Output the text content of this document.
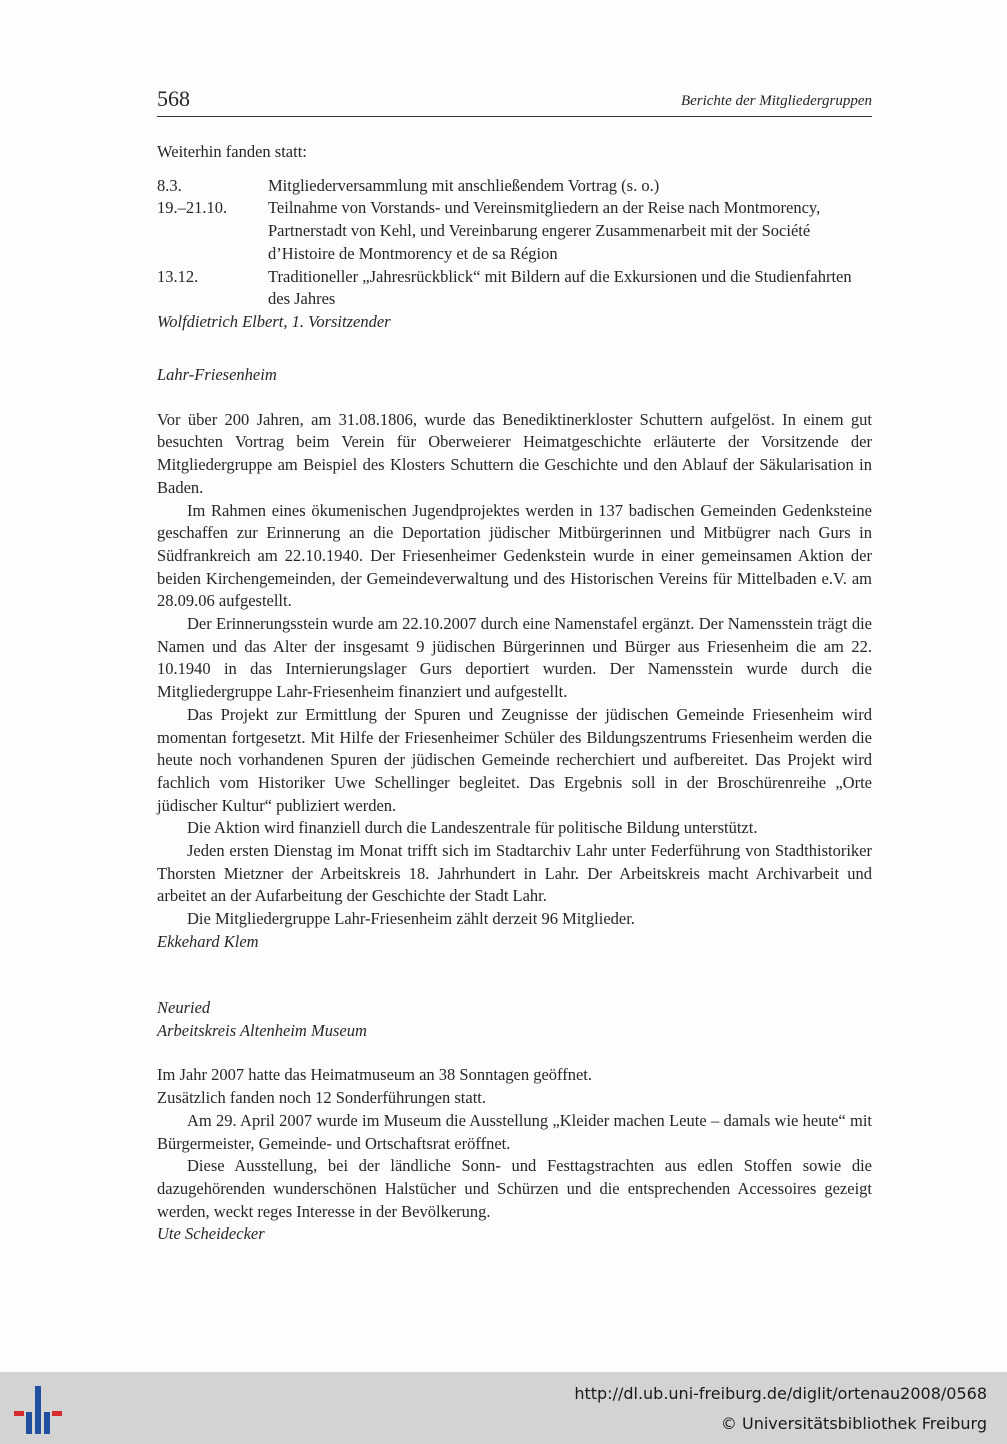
568	Berichte der Mitgliedergruppen

Weiterhin fanden statt:

8.3.	Mitgliederversammlung mit anschließendem Vortrag (s. o.)
19.–21.10.	Teilnahme von Vorstands- und Vereinsmitgliedern an der Reise nach Montmorency, Partnerstadt von Kehl, und Vereinbarung engerer Zusammenarbeit mit der Société d’Histoire de Montmorency et de sa Région
13.12.	Traditioneller „Jahresrückblick“ mit Bildern auf die Exkursionen und die Studienfahrten des Jahres

Wolfdietrich Elbert, 1. Vorsitzender

Lahr-Friesenheim

Vor über 200 Jahren, am 31.08.1806, wurde das Benediktinerkloster Schuttern aufgelöst. In einem gut besuchten Vortrag beim Verein für Oberweierer Heimatgeschichte erläuterte der Vorsitzende der Mitgliedergruppe am Beispiel des Klosters Schuttern die Geschichte und den Ablauf der Säkularisation in Baden.

Im Rahmen eines ökumenischen Jugendprojektes werden in 137 badischen Gemeinden Gedenksteine geschaffen zur Erinnerung an die Deportation jüdischer Mitbürgerinnen und Mitbügrer nach Gurs in Südfrankreich am 22.10.1940. Der Friesenheimer Gedenkstein wurde in einer gemeinsamen Aktion der beiden Kirchengemeinden, der Gemeindeverwaltung und des Historischen Vereins für Mittelbaden e.V. am 28.09.06 aufgestellt.

Der Erinnerungsstein wurde am 22.10.2007 durch eine Namenstafel ergänzt. Der Namensstein trägt die Namen und das Alter der insgesamt 9 jüdischen Bürgerinnen und Bürger aus Friesenheim die am 22. 10.1940 in das Internierungslager Gurs deportiert wurden. Der Namensstein wurde durch die Mitgliedergruppe Lahr-Friesenheim finanziert und aufgestellt.

Das Projekt zur Ermittlung der Spuren und Zeugnisse der jüdischen Gemeinde Friesenheim wird momentan fortgesetzt. Mit Hilfe der Friesenheimer Schüler des Bildungszentrums Friesenheim werden die heute noch vorhandenen Spuren der jüdischen Gemeinde recherchiert und aufbereitet. Das Projekt wird fachlich vom Historiker Uwe Schellinger begleitet. Das Ergebnis soll in der Broschürenreihe „Orte jüdischer Kultur“ publiziert werden.

Die Aktion wird finanziell durch die Landeszentrale für politische Bildung unterstützt.

Jeden ersten Dienstag im Monat trifft sich im Stadtarchiv Lahr unter Federführung von Stadthistoriker Thorsten Mietzner der Arbeitskreis 18. Jahrhundert in Lahr. Der Arbeitskreis macht Archivarbeit und arbeitet an der Aufarbeitung der Geschichte der Stadt Lahr.

Die Mitgliedergruppe Lahr-Friesenheim zählt derzeit 96 Mitglieder.

Ekkehard Klem

Neuried

Arbeitskreis Altenheim Museum

Im Jahr 2007 hatte das Heimatmuseum an 38 Sonntagen geöffnet.

Zusätzlich fanden noch 12 Sonderführungen statt.

Am 29. April 2007 wurde im Museum die Ausstellung „Kleider machen Leute – damals wie heute“ mit Bürgermeister, Gemeinde- und Ortschaftsrat eröffnet.

Diese Ausstellung, bei der ländliche Sonn- und Festtagstrachten aus edlen Stoffen sowie die dazugehörenden wunderschönen Halstücher und Schürzen und die entsprechenden Accessoires gezeigt werden, weckt reges Interesse in der Bevölkerung.

Ute Scheidecker

http://dl.ub.uni-freiburg.de/diglit/ortenau2008/0568
© Universitätsbibliothek Freiburg
